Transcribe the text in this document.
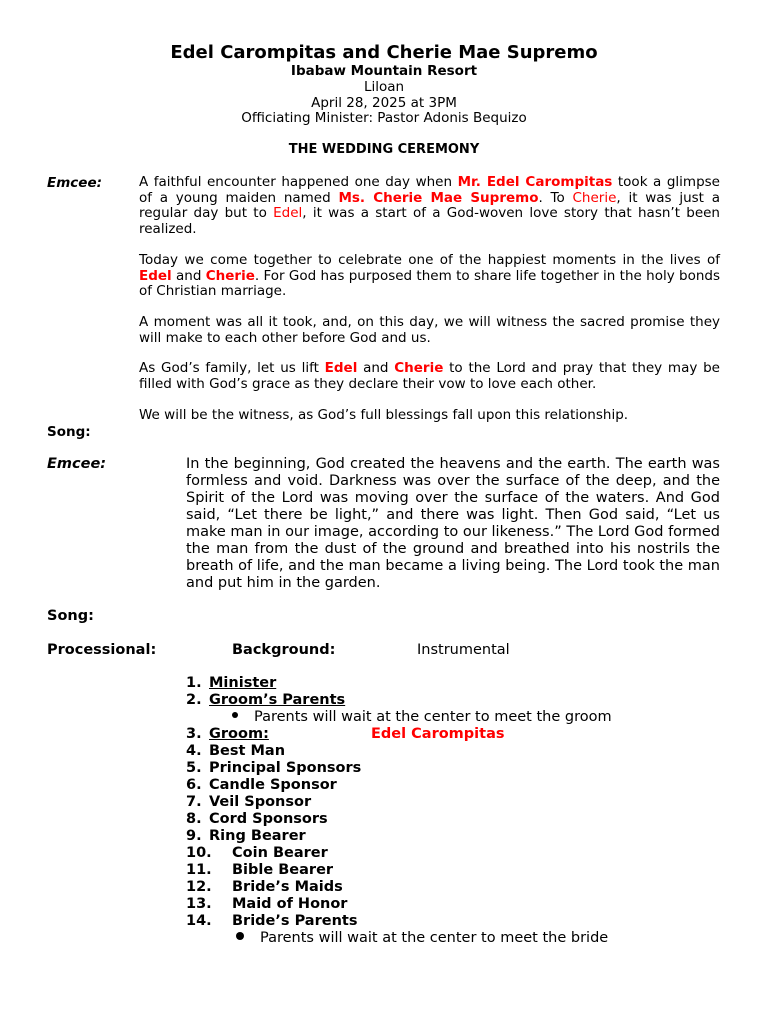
Edel Carompitas and Cherie Mae Supremo
Ibabaw Mountain Resort
Liloan
April 28, 2025 at 3PM
Officiating Minister: Pastor Adonis Bequizo
THE WEDDING CEREMONY
Emcee:	A faithful encounter happened one day when Mr. Edel Carompitas took a glimpse of a young maiden named Ms. Cherie Mae Supremo. To Cherie, it was just a regular day but to Edel, it was a start of a God-woven love story that hasn’t been realized.
Today we come together to celebrate one of the happiest moments in the lives of Edel and Cherie. For God has purposed them to share life together in the holy bonds of Christian marriage.
A moment was all it took, and, on this day, we will witness the sacred promise they will make to each other before God and us.
As God’s family, let us lift Edel and Cherie to the Lord and pray that they may be filled with God’s grace as they declare their vow to love each other.
We will be the witness, as God’s full blessings fall upon this relationship.
Song:
Emcee:	In the beginning, God created the heavens and the earth. The earth was formless and void. Darkness was over the surface of the deep, and the Spirit of the Lord was moving over the surface of the waters. And God said, “Let there be light,” and there was light. Then God said, “Let us make man in our image, according to our likeness.” The Lord God formed the man from the dust of the ground and breathed into his nostrils the breath of life, and the man became a living being. The Lord took the man and put him in the garden.
Song:
Processional:	Background:	Instrumental
1. Minister
2. Groom’s Parents
Parents will wait at the center to meet the groom
3. Groom:	Edel Carompitas
4. Best Man
5. Principal Sponsors
6. Candle Sponsor
7. Veil Sponsor
8. Cord Sponsors
9. Ring Bearer
10. Coin Bearer
11. Bible Bearer
12. Bride’s Maids
13. Maid of Honor
14. Bride’s Parents
Parents will wait at the center to meet the bride
